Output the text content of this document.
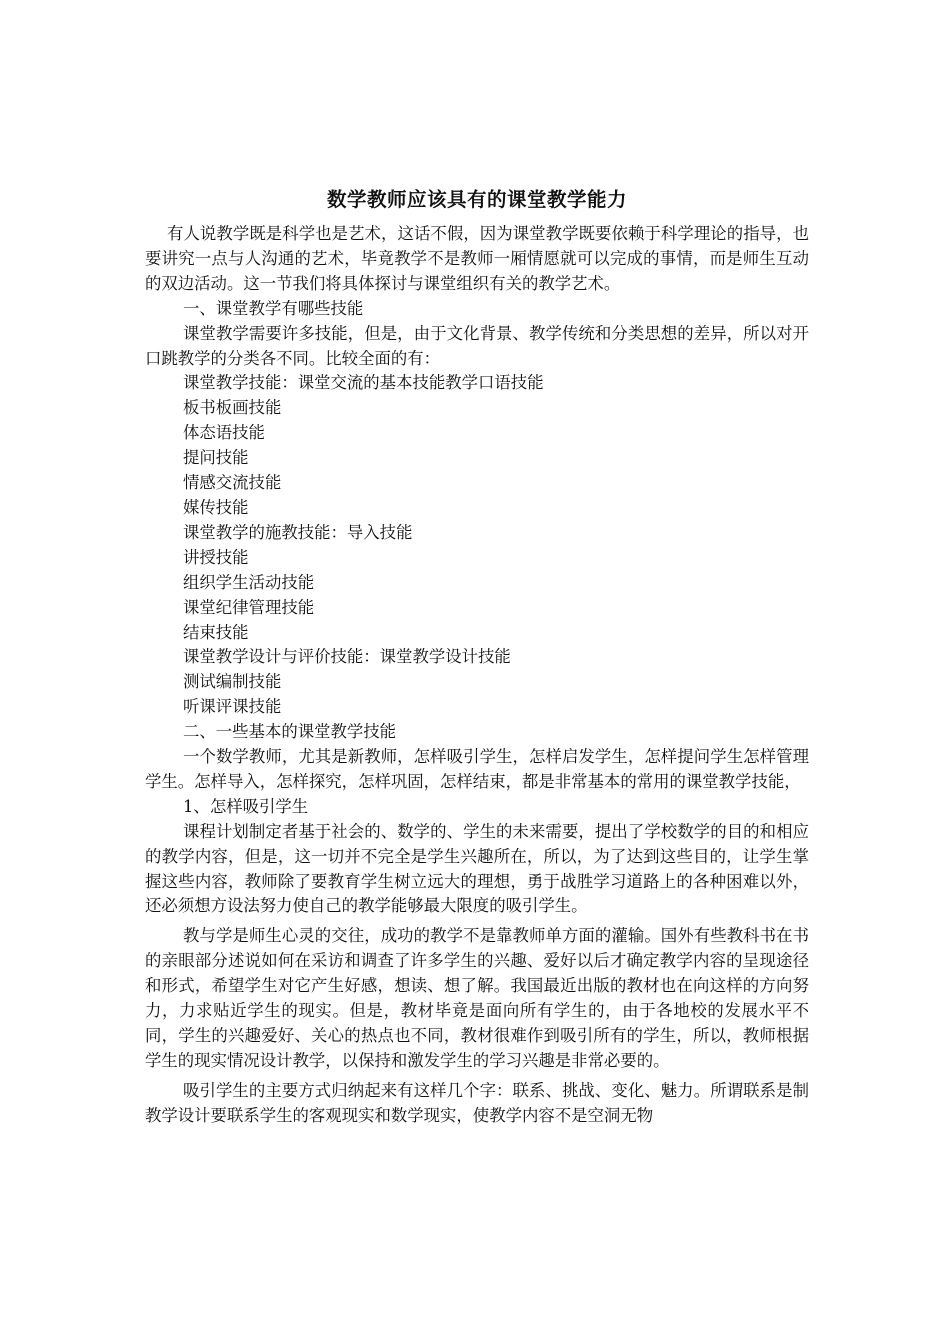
数学教师应该具有的课堂教学能力

有人说教学既是科学也是艺术，这话不假，因为课堂教学既要依赖于科学理论的指导，也要讲究一点与人沟通的艺术，毕竟教学不是教师一厢情愿就可以完成的事情，而是师生互动的双边活动。这一节我们将具体探讨与课堂组织有关的教学艺术。

一、课堂教学有哪些技能

课堂教学需要许多技能，但是，由于文化背景、教学传统和分类思想的差异，所以对开口跳教学的分类各不同。比较全面的有：

课堂教学技能：课堂交流的基本技能教学口语技能

板书板画技能

体态语技能

提问技能

情感交流技能

媒传技能

课堂教学的施教技能：导入技能

讲授技能

组织学生活动技能

课堂纪律管理技能

结束技能

课堂教学设计与评价技能：课堂教学设计技能

测试编制技能

听课评课技能

二、一些基本的课堂教学技能

一个数学教师，尤其是新教师，怎样吸引学生，怎样启发学生，怎样提问学生怎样管理学生。怎样导入，怎样探究，怎样巩固，怎样结束，都是非常基本的常用的课堂教学技能，

1、怎样吸引学生

课程计划制定者基于社会的、数学的、学生的未来需要，提出了学校数学的目的和相应的教学内容，但是，这一切并不完全是学生兴趣所在，所以，为了达到这些目的，让学生掌握这些内容，教师除了要教育学生树立远大的理想，勇于战胜学习道路上的各种困难以外，还必须想方设法努力使自己的教学能够最大限度的吸引学生。

教与学是师生心灵的交往，成功的教学不是靠教师单方面的灌输。国外有些教科书在书的亲眼部分述说如何在采访和调查了许多学生的兴趣、爱好以后才确定教学内容的呈现途径和形式，希望学生对它产生好感，想读、想了解。我国最近出版的教材也在向这样的方向努力，力求贴近学生的现实。但是，教材毕竟是面向所有学生的，由于各地校的发展水平不同，学生的兴趣爱好、关心的热点也不同，教材很难作到吸引所有的学生，所以，教师根据学生的现实情况设计教学，以保持和激发学生的学习兴趣是非常必要的。

吸引学生的主要方式归纳起来有这样几个字：联系、挑战、变化、魅力。所谓联系是制教学设计要联系学生的客观现实和数学现实，使教学内容不是空洞无物
